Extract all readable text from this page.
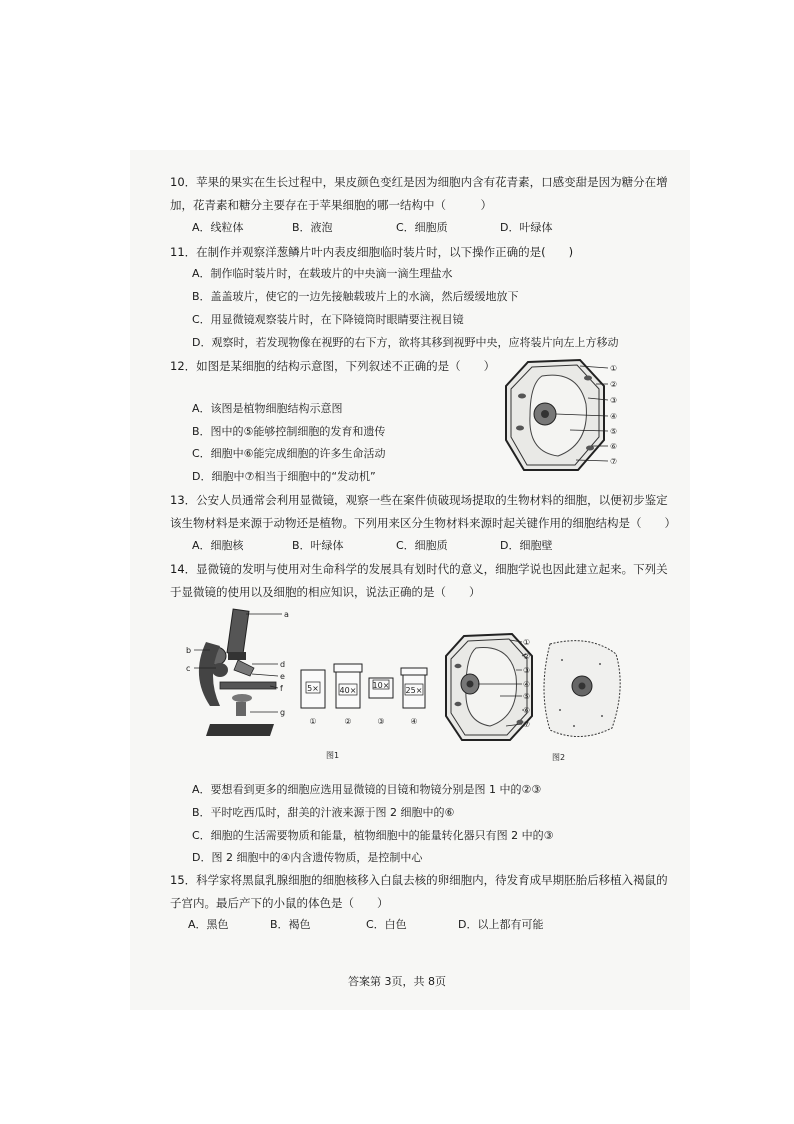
10．苹果的果实在生长过程中，果皮颜色变红是因为细胞内含有花青素，口感变甜是因为糖分在增
加，花青素和糖分主要存在于苹果细胞的哪一结构中（　　　）
A．线粒体	B．液泡	C．细胞质	D．叶绿体
11．在制作并观察洋葱鳞片叶内表皮细胞临时装片时，以下操作正确的是(　　)
A．制作临时装片时，在载玻片的中央滴一滴生理盐水
B．盖盖玻片，使它的一边先接触载玻片上的水滴，然后缓缓地放下
C．用显微镜观察装片时，在下降镜筒时眼睛要注视目镜
D．观察时，若发现物像在视野的右下方，欲将其移到视野中央，应将装片向左上方移动
12．如图是某细胞的结构示意图，下列叙述不正确的是（　　）
A．该图是植物细胞结构示意图
B．图中的⑤能够控制细胞的发育和遗传
C．细胞中⑥能完成细胞的许多生命活动
D．细胞中⑦相当于细胞中的“发动机”
①
②
③
④
⑤
⑥
⑦
13．公安人员通常会利用显微镜，观察一些在案件侦破现场提取的生物材料的细胞，以便初步鉴定
该生物材料是来源于动物还是植物。下列用来区分生物材料来源时起关键作用的细胞结构是（　　）
A．细胞核	B．叶绿体	C．细胞质	D．细胞壁
14．显微镜的发明与使用对生命科学的发展具有划时代的意义，细胞学说也因此建立起来。下列关
于显微镜的使用以及细胞的相应知识，说法正确的是（　　）
a
b
c	d
e
f
g
5×
①
40×
②
10×
③
25×
④
图1
①
②
③
④
⑤
⑥
⑦
图2
A．要想看到更多的细胞应选用显微镜的目镜和物镜分别是图 1 中的②③
B．平时吃西瓜时，甜美的汁液来源于图 2 细胞中的⑥
C．细胞的生活需要物质和能量，植物细胞中的能量转化器只有图 2 中的③
D．图 2 细胞中的④内含遗传物质，是控制中心
15．科学家将黑鼠乳腺细胞的细胞核移入白鼠去核的卵细胞内，待发育成早期胚胎后移植入褐鼠的
子宫内。最后产下的小鼠的体色是（　　）
A．黑色	B．褐色	C．白色	D．以上都有可能
答案第 3页，共 8页
